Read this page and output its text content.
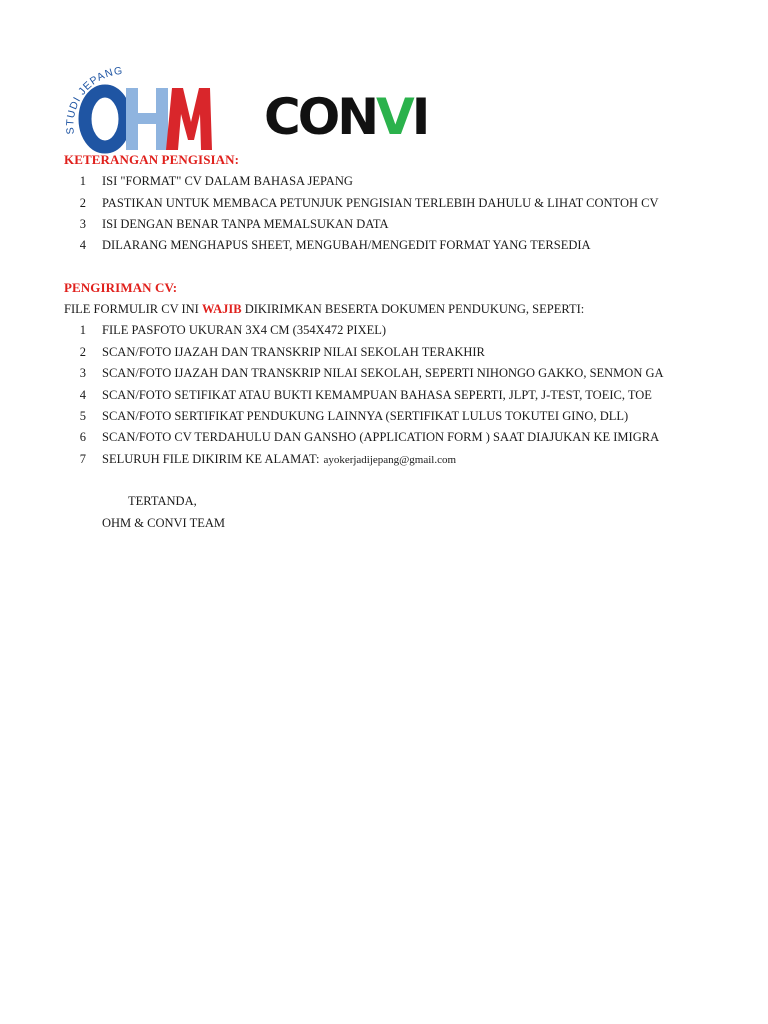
STUDI JEPANG
CONVI
KETERANGAN PENGISIAN:
1 ISI "FORMAT" CV DALAM BAHASA JEPANG
2 PASTIKAN UNTUK MEMBACA PETUNJUK PENGISIAN TERLEBIH DAHULU & LIHAT CONTOH CV
3 ISI DENGAN BENAR TANPA MEMALSUKAN DATA
4 DILARANG MENGHAPUS SHEET, MENGUBAH/MENGEDIT FORMAT YANG TERSEDIA
PENGIRIMAN CV:
FILE FORMULIR CV INI WAJIB DIKIRIMKAN BESERTA DOKUMEN PENDUKUNG, SEPERTI:
1 FILE PASFOTO UKURAN 3X4 CM (354X472 PIXEL)
2 SCAN/FOTO IJAZAH DAN TRANSKRIP NILAI SEKOLAH TERAKHIR
3 SCAN/FOTO IJAZAH DAN TRANSKRIP NILAI SEKOLAH, SEPERTI NIHONGO GAKKO, SENMON GA
4 SCAN/FOTO SETIFIKAT ATAU BUKTI KEMAMPUAN BAHASA SEPERTI, JLPT, J-TEST, TOEIC, TOE
5 SCAN/FOTO SERTIFIKAT PENDUKUNG LAINNYA (SERTIFIKAT LULUS TOKUTEI GINO, DLL)
6 SCAN/FOTO CV TERDAHULU DAN GANSHO (APPLICATION FORM ) SAAT DIAJUKAN KE IMIGRA
7 SELURUH FILE DIKIRIM KE ALAMAT: ayokerjadijepang@gmail.com
TERTANDA,
OHM & CONVI TEAM
